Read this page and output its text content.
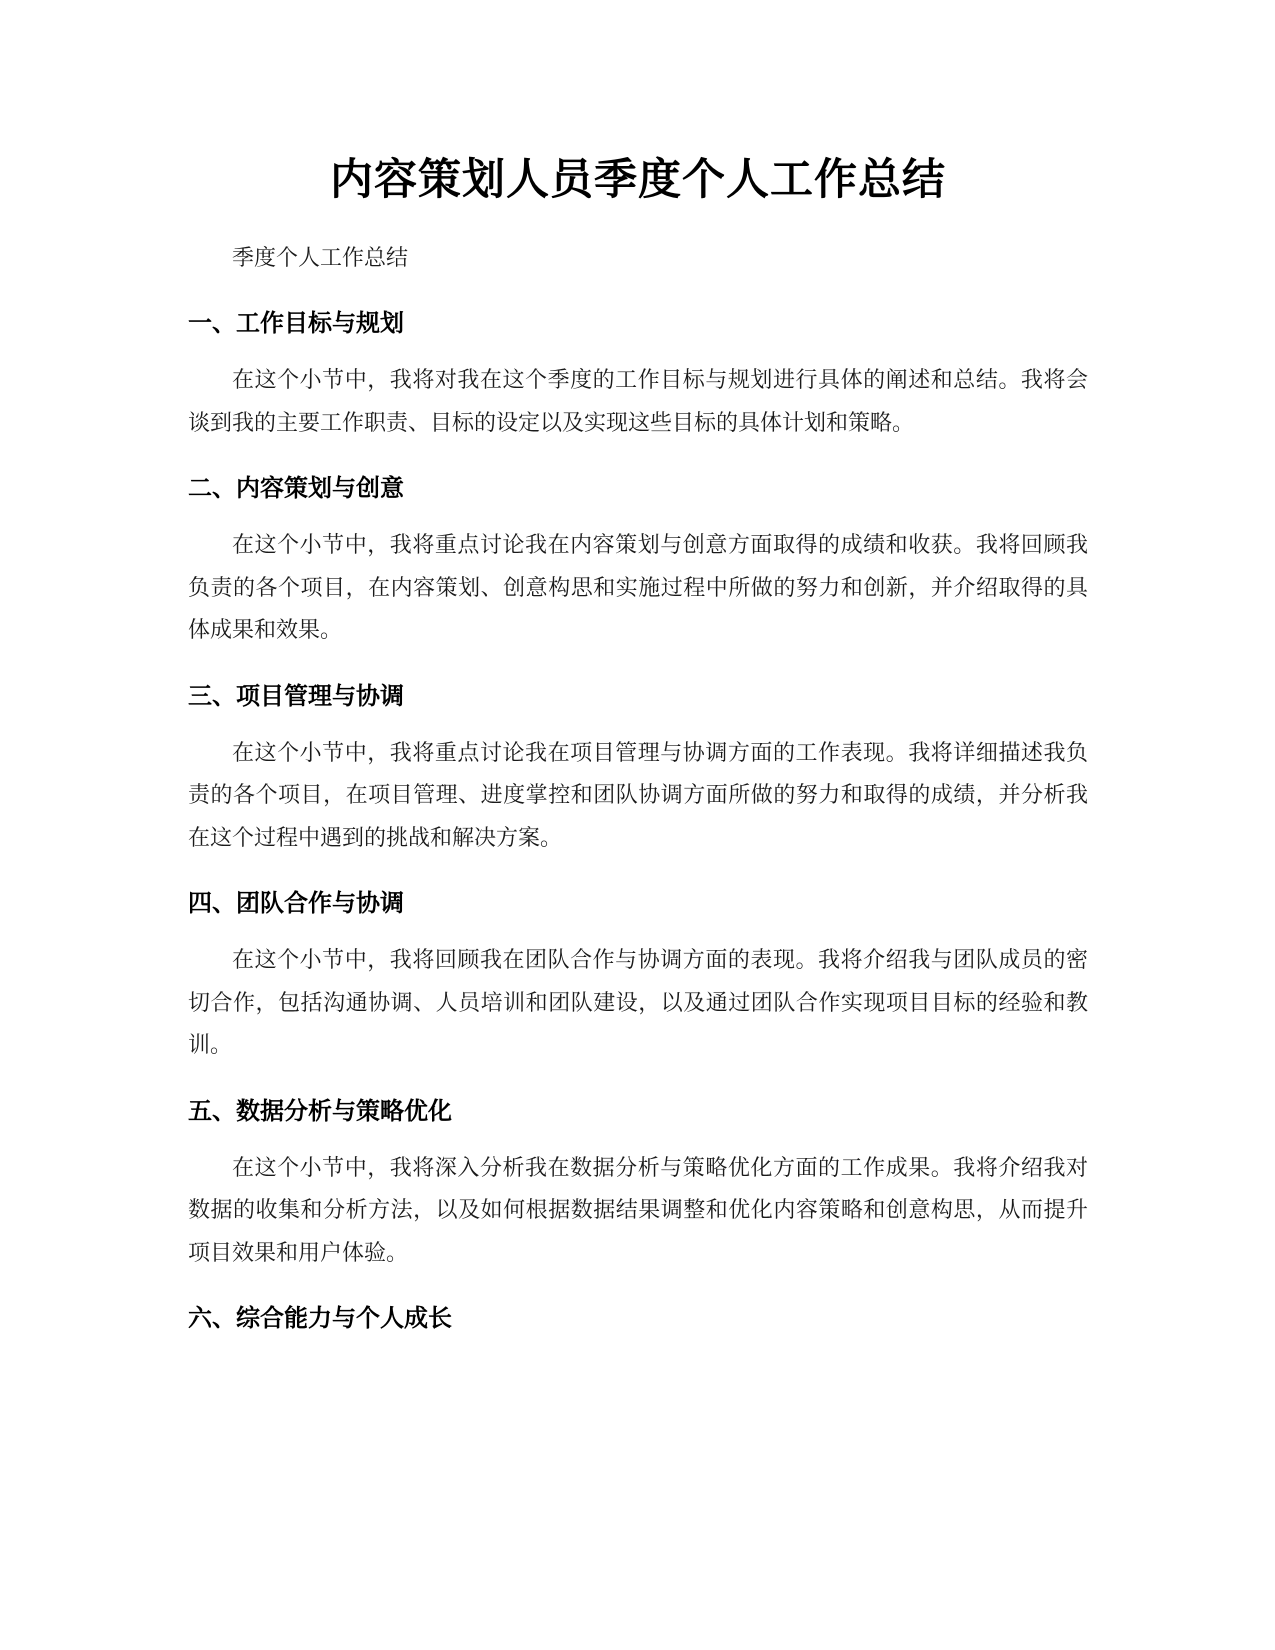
内容策划人员季度个人工作总结

季度个人工作总结

一、工作目标与规划

在这个小节中，我将对我在这个季度的工作目标与规划进行具体的阐述和总结。我将会谈到我的主要工作职责、目标的设定以及实现这些目标的具体计划和策略。

二、内容策划与创意

在这个小节中，我将重点讨论我在内容策划与创意方面取得的成绩和收获。我将回顾我负责的各个项目，在内容策划、创意构思和实施过程中所做的努力和创新，并介绍取得的具体成果和效果。

三、项目管理与协调

在这个小节中，我将重点讨论我在项目管理与协调方面的工作表现。我将详细描述我负责的各个项目，在项目管理、进度掌控和团队协调方面所做的努力和取得的成绩，并分析我在这个过程中遇到的挑战和解决方案。

四、团队合作与协调

在这个小节中，我将回顾我在团队合作与协调方面的表现。我将介绍我与团队成员的密切合作，包括沟通协调、人员培训和团队建设，以及通过团队合作实现项目目标的经验和教训。

五、数据分析与策略优化

在这个小节中，我将深入分析我在数据分析与策略优化方面的工作成果。我将介绍我对数据的收集和分析方法，以及如何根据数据结果调整和优化内容策略和创意构思，从而提升项目效果和用户体验。

六、综合能力与个人成长
